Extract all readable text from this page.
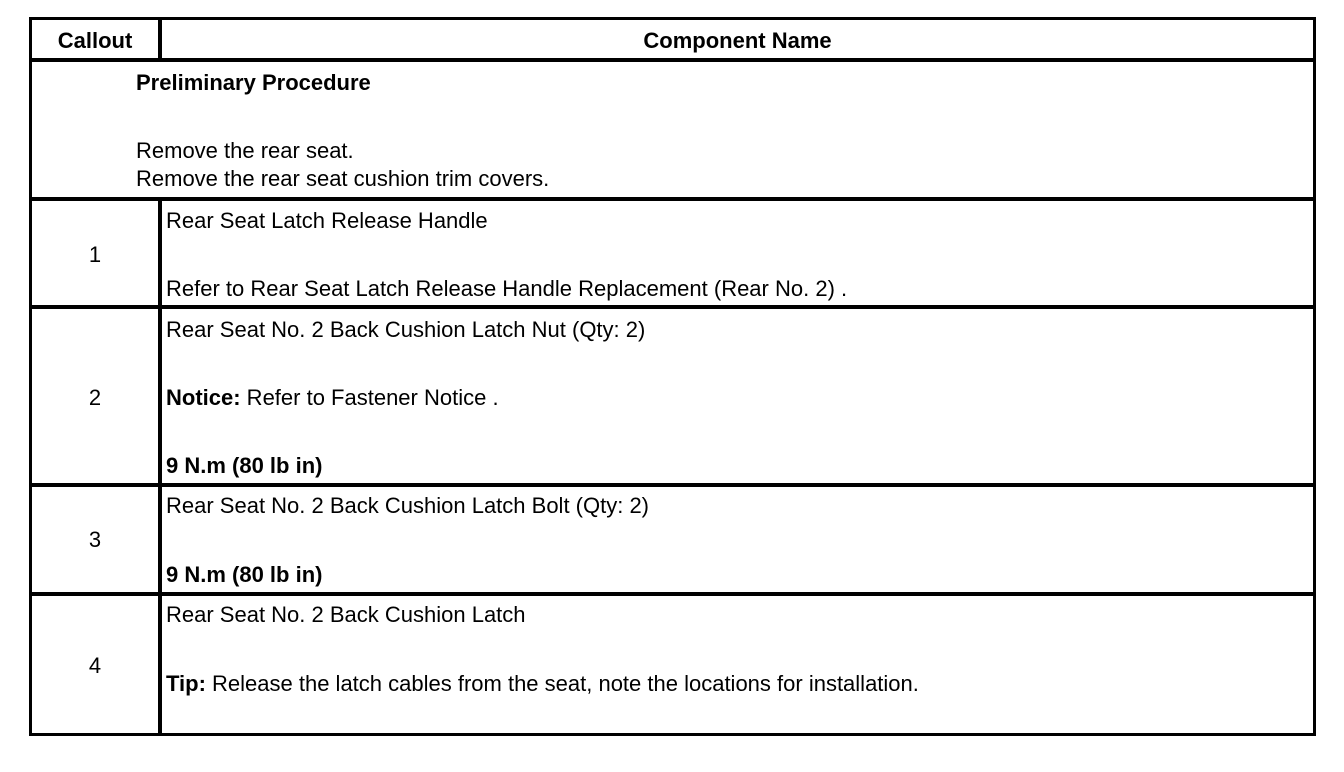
Callout	Component Name
Preliminary Procedure
Remove the rear seat.
Remove the rear seat cushion trim covers.
1
Rear Seat Latch Release Handle
Refer to Rear Seat Latch Release Handle Replacement (Rear No. 2) .
2
Rear Seat No. 2 Back Cushion Latch Nut (Qty: 2)
Notice: Refer to Fastener Notice .
9 N.m (80 lb in)
3
Rear Seat No. 2 Back Cushion Latch Bolt (Qty: 2)
9 N.m (80 lb in)
4
Rear Seat No. 2 Back Cushion Latch
Tip: Release the latch cables from the seat, note the locations for installation.
